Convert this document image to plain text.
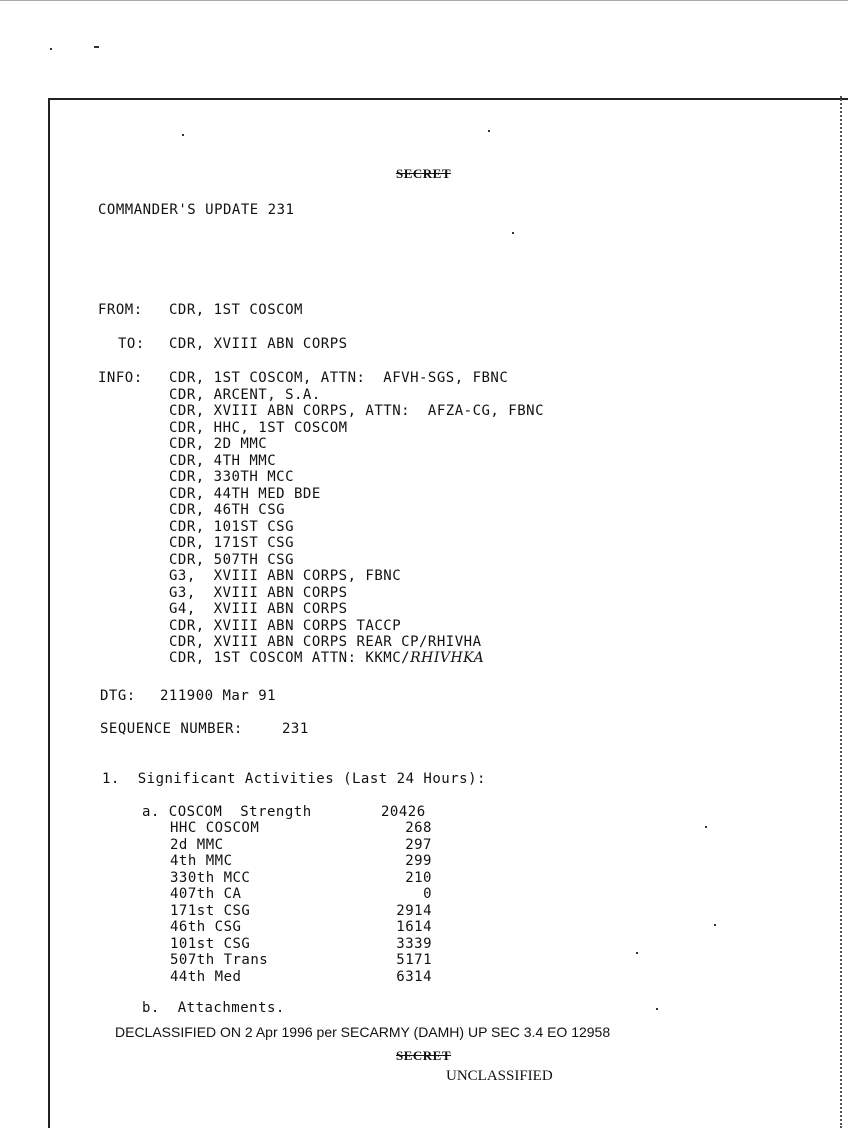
SECRET
COMMANDER'S UPDATE 231
FROM: CDR, 1ST COSCOM
TO: CDR, XVIII ABN CORPS
INFO: CDR, 1ST COSCOM, ATTN:  AFVH-SGS, FBNC
CDR, ARCENT, S.A.
CDR, XVIII ABN CORPS, ATTN:  AFZA-CG, FBNC
CDR, HHC, 1ST COSCOM
CDR, 2D MMC
CDR, 4TH MMC
CDR, 330TH MCC
CDR, 44TH MED BDE
CDR, 46TH CSG
CDR, 101ST CSG
CDR, 171ST CSG
CDR, 507TH CSG
G3,  XVIII ABN CORPS, FBNC
G3,  XVIII ABN CORPS
G4,  XVIII ABN CORPS
CDR, XVIII ABN CORPS TACCP
CDR, XVIII ABN CORPS REAR CP/RHIVHA
CDR, 1ST COSCOM ATTN: KKMC/RHIVHKA
DTG: 211900 Mar 91
SEQUENCE NUMBER:	231
1.  Significant Activities (Last 24 Hours):
a. COSCOM  Strength	20426
HHC COSCOM	268
2d MMC	297
4th MMC	299
330th MCC	210
407th CA	0
171st CSG	2914
46th CSG	1614
101st CSG	3339
507th Trans	5171
44th Med	6314
b.  Attachments.
DECLASSIFIED ON 2 Apr 1996 per SECARMY (DAMH) UP SEC 3.4 EO 12958
SECRET
UNCLASSIFIED
